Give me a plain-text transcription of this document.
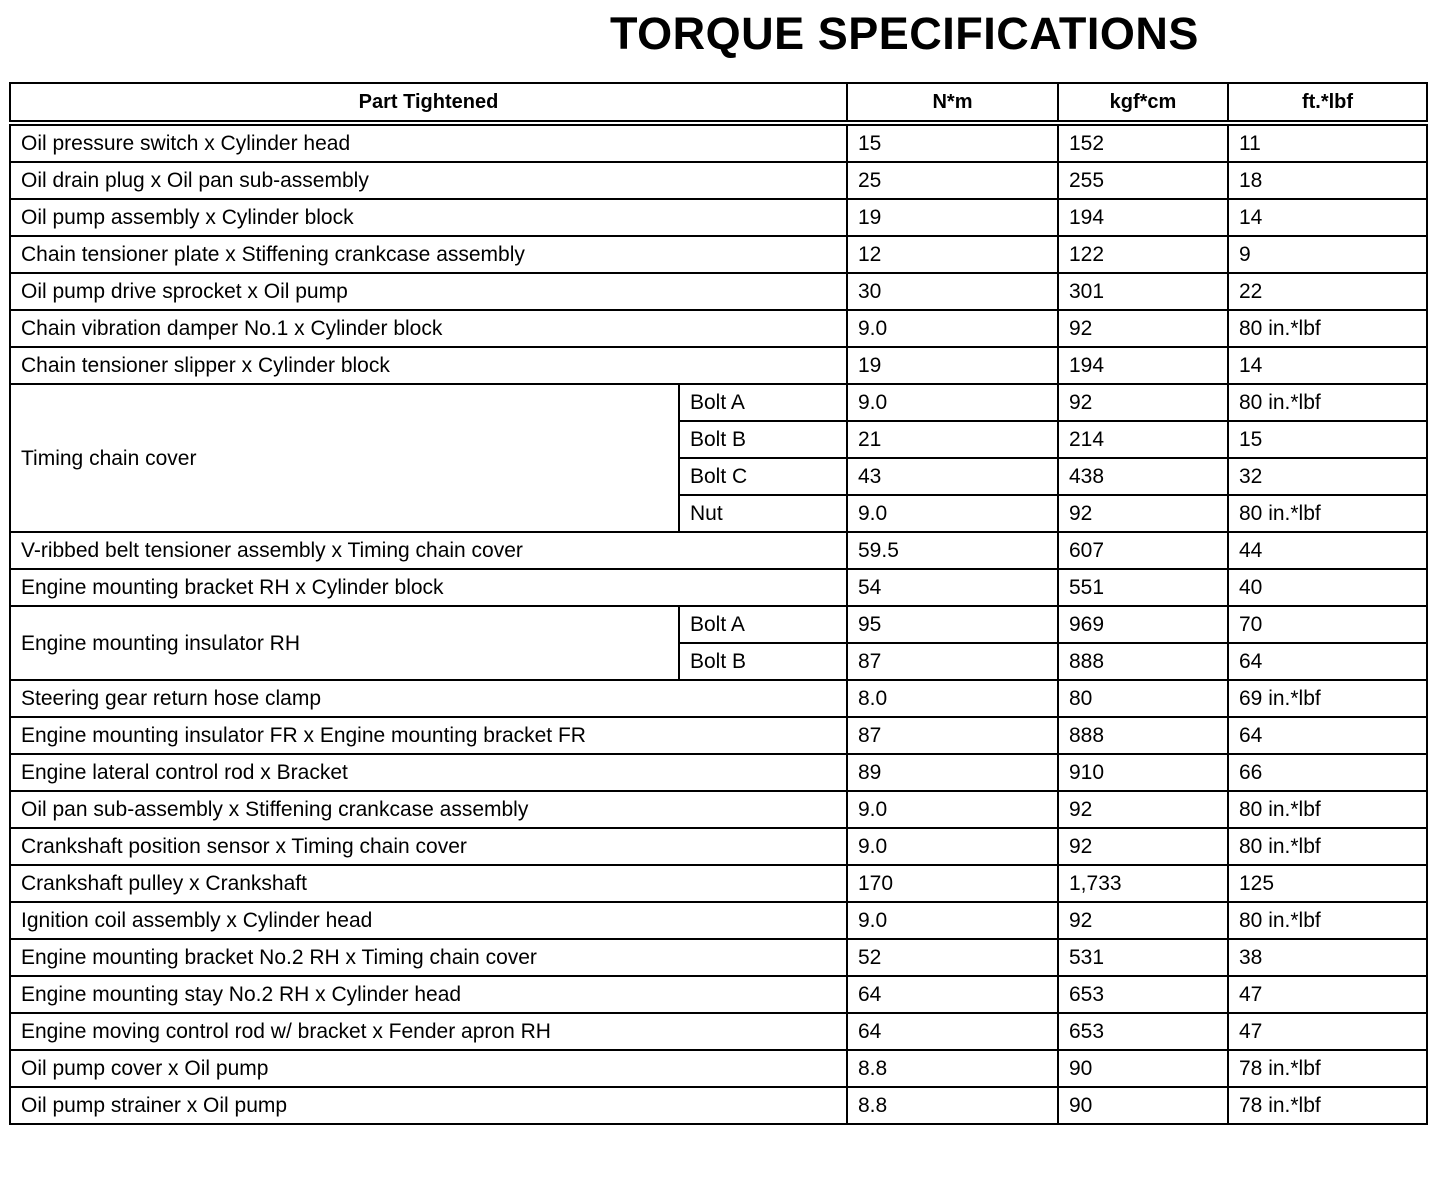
TORQUE SPECIFICATIONS
Part Tightened		N*m	kgf*cm	ft.*lbf
Oil pressure switch x Cylinder head		15	152	11
Oil drain plug x Oil pan sub-assembly		25	255	18
Oil pump assembly x Cylinder block		19	194	14
Chain tensioner plate x Stiffening crankcase assembly		12	122	9
Oil pump drive sprocket x Oil pump		30	301	22
Chain vibration damper No.1 x Cylinder block		9.0	92	80 in.*lbf
Chain tensioner slipper x Cylinder block		19	194	14
Timing chain cover	Bolt A	9.0	92	80 in.*lbf
	Bolt B	21	214	15
	Bolt C	43	438	32
	Nut	9.0	92	80 in.*lbf
V-ribbed belt tensioner assembly x Timing chain cover		59.5	607	44
Engine mounting bracket RH x Cylinder block		54	551	40
Engine mounting insulator RH	Bolt A	95	969	70
	Bolt B	87	888	64
Steering gear return hose clamp		8.0	80	69 in.*lbf
Engine mounting insulator FR x Engine mounting bracket FR		87	888	64
Engine lateral control rod x Bracket		89	910	66
Oil pan sub-assembly x Stiffening crankcase assembly		9.0	92	80 in.*lbf
Crankshaft position sensor x Timing chain cover		9.0	92	80 in.*lbf
Crankshaft pulley x Crankshaft		170	1,733	125
Ignition coil assembly x Cylinder head		9.0	92	80 in.*lbf
Engine mounting bracket No.2 RH x Timing chain cover		52	531	38
Engine mounting stay No.2 RH x Cylinder head		64	653	47
Engine moving control rod w/ bracket x Fender apron RH		64	653	47
Oil pump cover x Oil pump		8.8	90	78 in.*lbf
Oil pump strainer x Oil pump		8.8	90	78 in.*lbf
